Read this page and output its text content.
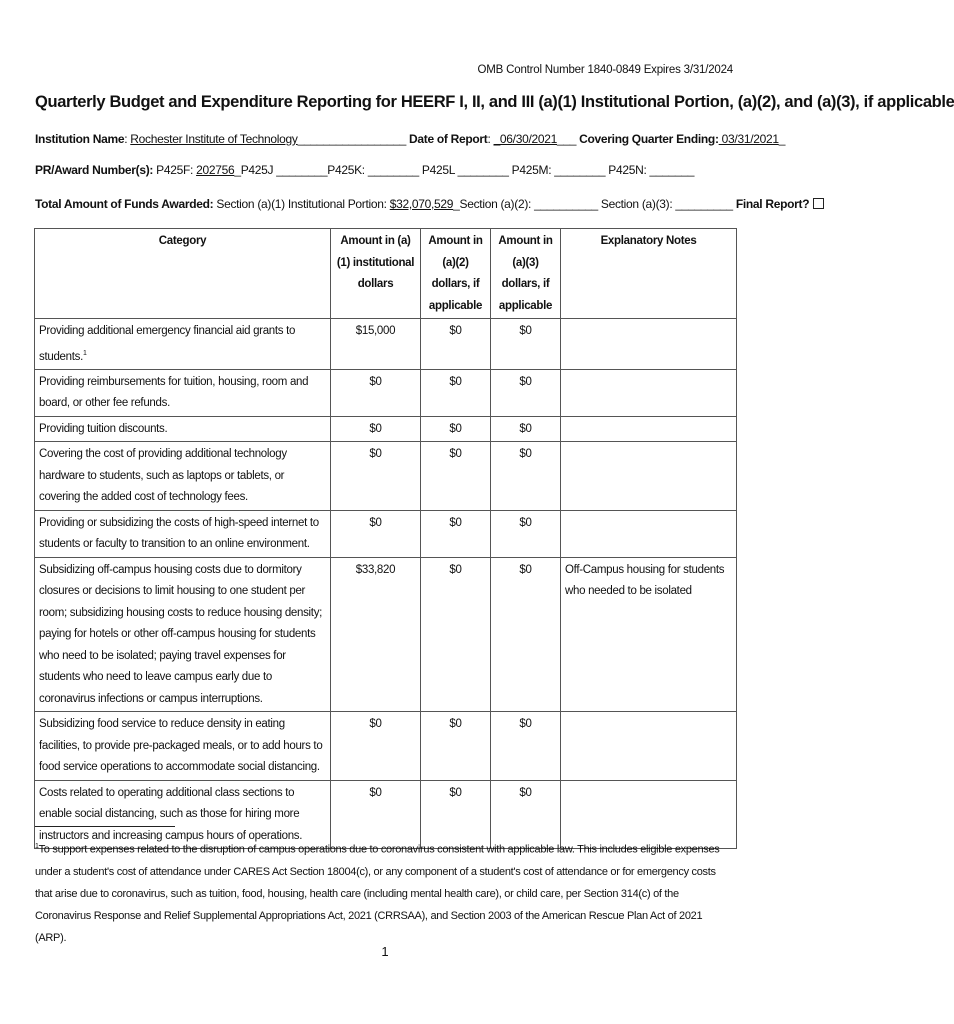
OMB Control Number 1840-0849 Expires 3/31/2024
Quarterly Budget and Expenditure Reporting for HEERF I, II, and III (a)(1) Institutional Portion, (a)(2), and (a)(3), if applicable
Institution Name: Rochester Institute of Technology_________________ Date of Report: _06/30/2021___ Covering Quarter Ending: 03/31/2021_
PR/Award Number(s): P425F: 202756_P425J ________P425K: ________ P425L ________ P425M: ________ P425N: _______
Total Amount of Funds Awarded: Section (a)(1) Institutional Portion: $32,070,529_Section (a)(2): __________ Section (a)(3): _________ Final Report?
Category	Amount in (a)(1) institutional dollars	Amount in (a)(2) dollars, if applicable	Amount in (a)(3) dollars, if applicable	Explanatory Notes
Providing additional emergency financial aid grants to students.$^1$	$15,000	$0	$0	
Providing reimbursements for tuition, housing, room and board, or other fee refunds.	$0	$0	$0	
Providing tuition discounts.	$0	$0	$0	
Covering the cost of providing additional technology hardware to students, such as laptops or tablets, or covering the added cost of technology fees.	$0	$0	$0	
Providing or subsidizing the costs of high-speed internet to students or faculty to transition to an online environment.	$0	$0	$0	
Subsidizing off-campus housing costs due to dormitory closures or decisions to limit housing to one student per room; subsidizing housing costs to reduce housing density; paying for hotels or other off-campus housing for students who need to be isolated; paying travel expenses for students who need to leave campus early due to coronavirus infections or campus interruptions.	$33,820	$0	$0	Off-Campus housing for students who needed to be isolated
Subsidizing food service to reduce density in eating facilities, to provide pre-packaged meals, or to add hours to food service operations to accommodate social distancing.	$0	$0	$0	
Costs related to operating additional class sections to enable social distancing, such as those for hiring more instructors and increasing campus hours of operations.	$0	$0	$0	
$^1$To support expenses related to the disruption of campus operations due to coronavirus consistent with applicable law. This includes eligible expenses under a student's cost of attendance under CARES Act Section 18004(c), or any component of a student's cost of attendance or for emergency costs that arise due to coronavirus, such as tuition, food, housing, health care (including mental health care), or child care, per Section 314(c) of the Coronavirus Response and Relief Supplemental Appropriations Act, 2021 (CRRSAA), and Section 2003 of the American Rescue Plan Act of 2021 (ARP).
1
